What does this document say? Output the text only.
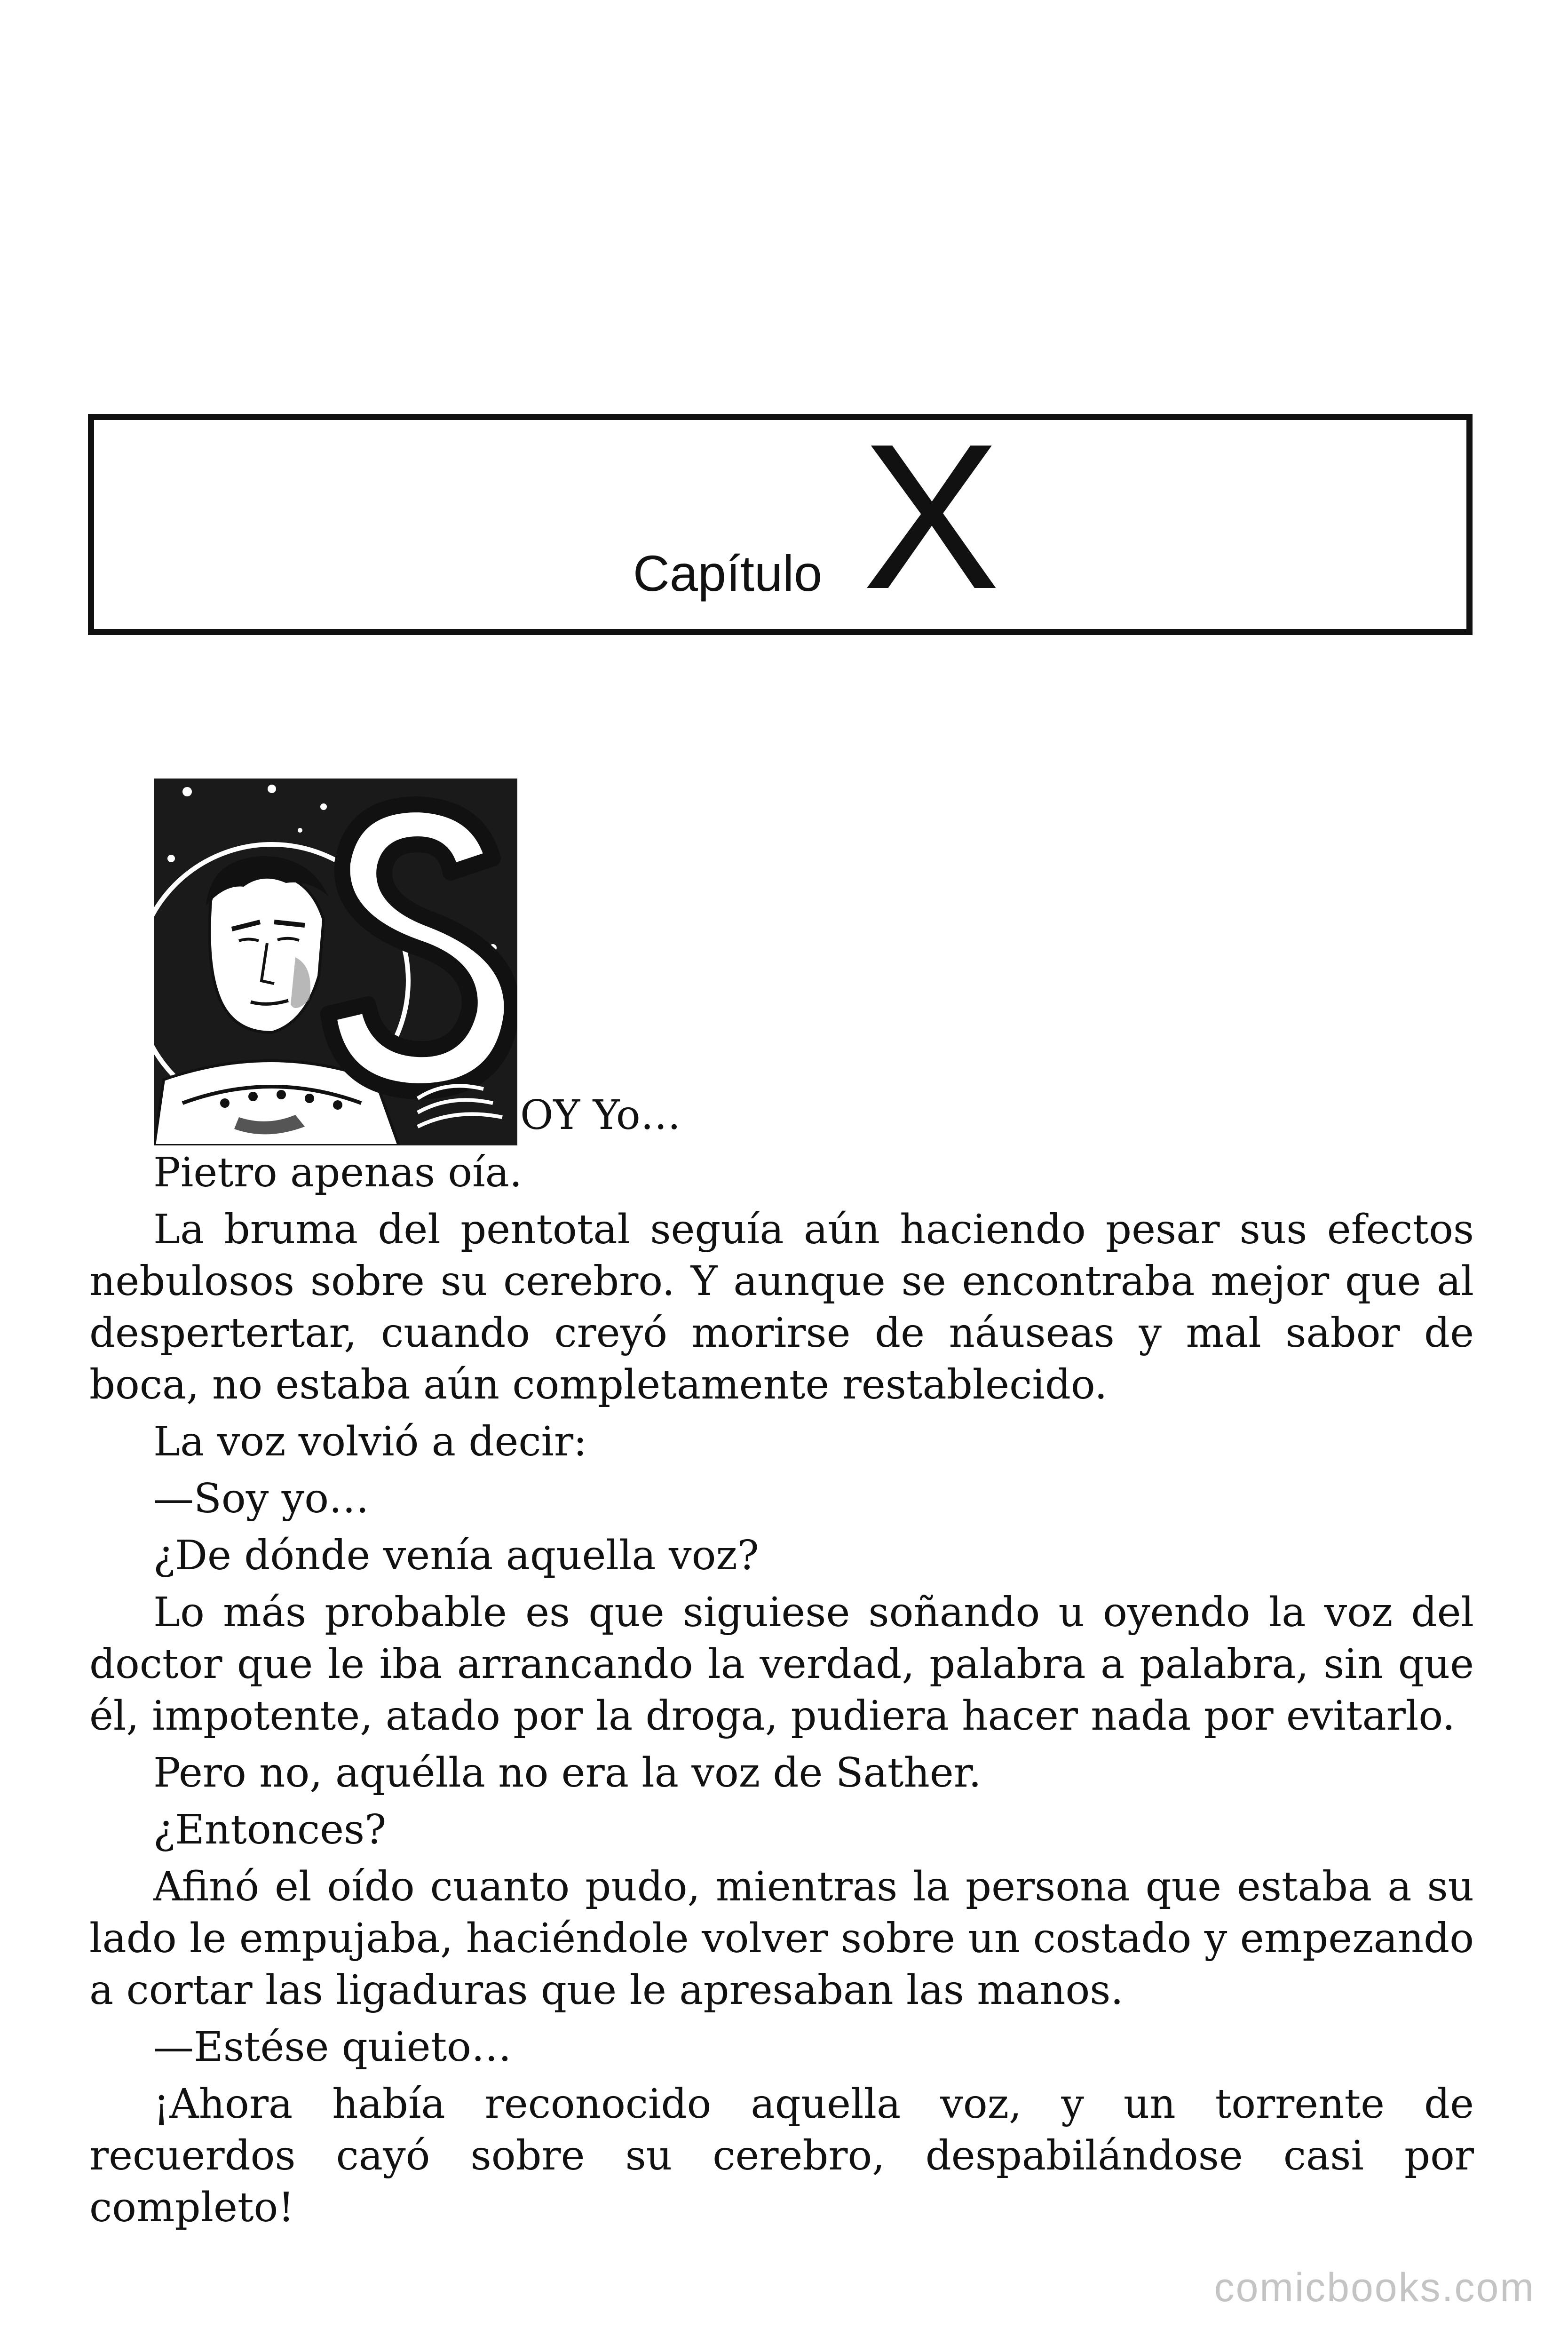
Capítulo X
OY Yo…

Pietro apenas oía.

La bruma del pentotal seguía aún haciendo pesar sus efectos nebulosos sobre su cerebro. Y aunque se encontraba mejor que al despertertar, cuando creyó morirse de náuseas y mal sabor de boca, no estaba aún completamente restablecido.

La voz volvió a decir:

—Soy yo…

¿De dónde venía aquella voz?

Lo más probable es que siguiese soñando u oyendo la voz del doctor que le iba arrancando la verdad, palabra a palabra, sin que él, impotente, atado por la droga, pudiera hacer nada por evitarlo.

Pero no, aquélla no era la voz de Sather.

¿Entonces?

Afinó el oído cuanto pudo, mientras la persona que estaba a su lado le empujaba, haciéndole volver sobre un costado y empezando a cortar las ligaduras que le apresaban las manos.

—Estése quieto…

¡Ahora había reconocido aquella voz, y un torrente de recuerdos cayó sobre su cerebro, despabilándose casi por completo!

comicbooks.com
